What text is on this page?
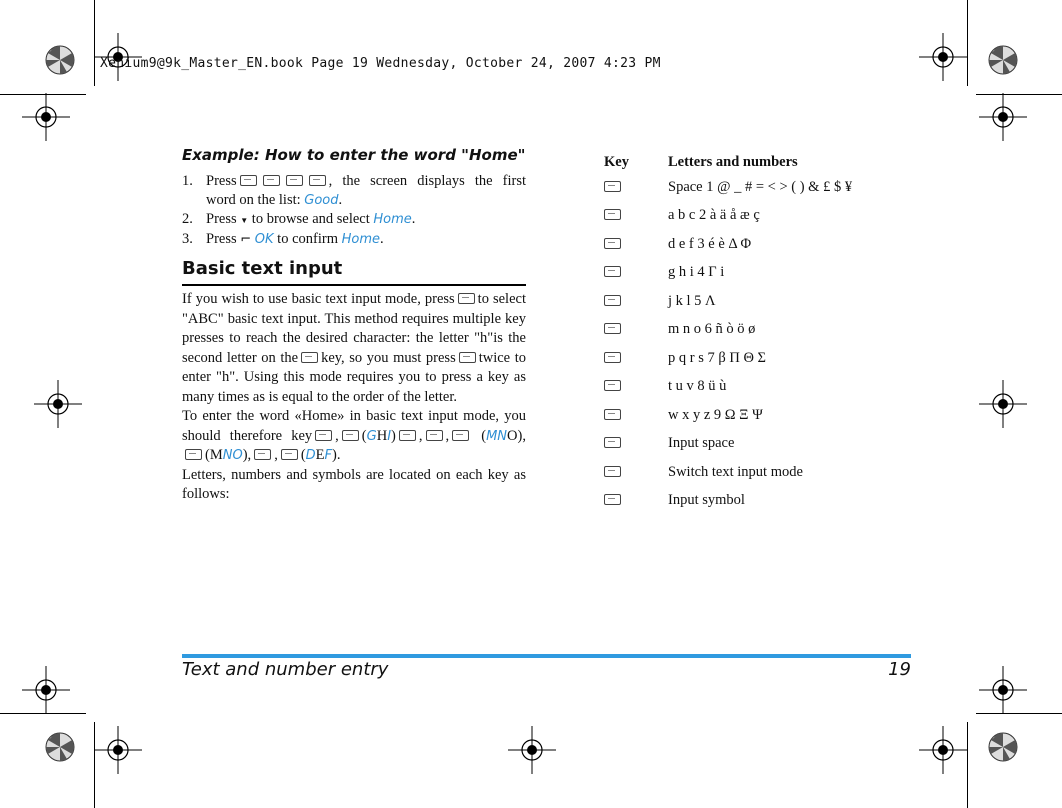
Xenium9@9k_Master_EN.book Page 19 Wednesday, October 24, 2007 4:23 PM
Example: How to enter the word "Home"
1. Press	, the screen displays the first word on the list: Good.
2. Press ▼ to browse and select Home.
3. Press ⌐ OK to confirm Home.
Basic text input

If you wish to use basic text input mode, press to select "ABC" basic text input. This method requires multiple key presses to reach the desired character: the letter "h"is the second letter on the key, so you must press twice to enter "h". Using this mode requires you to press a key as many times as is equal to the order of the letter.

To enter the word «Home» in basic text input mode, you should therefore key , (GHI) , , (MNO),(MNO), , (DEF).

Letters, numbers and symbols are located on each key as follows:

Key	Letters and numbers
Space 1 @ _ # = < > ( ) & £ $ ¥
a b c 2 à ä å æ ç
d e f 3 é è Δ Φ
g h i 4 Γ i
j k l 5 Λ
m n o 6 ñ ò ö ø
p q r s 7 β Π Θ Σ
t u v 8 ü ù
w x y z 9 Ω Ξ Ψ
Input space
Switch text input mode
Input symbol
Text and number entry	19
